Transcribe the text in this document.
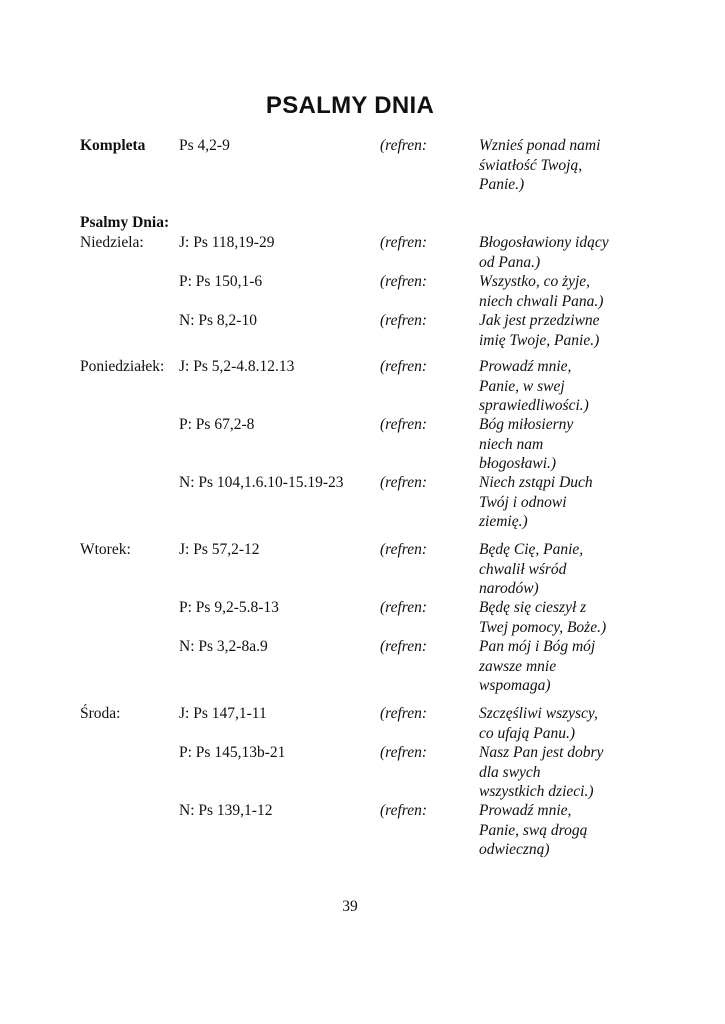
PSALMY DNIA
Kompleta Ps 4,2-9	(refren:	Wznieś ponad nami
światłość Twoją,
Panie.)
Psalmy Dnia:
Niedziela: J: Ps 118,19-29	(refren:	Błogosławiony idący
od Pana.)
P: Ps 150,1-6	(refren:	Wszystko, co żyje,
niech chwali Pana.)
N: Ps 8,2-10	(refren:	Jak jest przedziwne
imię Twoje, Panie.)
Poniedziałek: J: Ps 5,2-4.8.12.13	(refren:	Prowadź mnie,
Panie, w swej
sprawiedliwości.)
P: Ps 67,2-8	(refren:	Bóg miłosierny
niech nam
błogosławi.)
N: Ps 104,1.6.10-15.19-23 (refren:	Niech zstąpi Duch
Twój i odnowi
ziemię.)
Wtorek:	J: Ps 57,2-12	(refren:	Będę Cię, Panie,
chwalił wśród
narodów)
P: Ps 9,2-5.8-13	(refren:	Będę się cieszył z
Twej pomocy, Boże.)
N: Ps 3,2-8a.9	(refren:	Pan mój i Bóg mój
zawsze mnie
wspomaga)
Środa:	J: Ps 147,1-11	(refren:	Szczęśliwi wszyscy,
co ufają Panu.)
P: Ps 145,13b-21	(refren:	Nasz Pan jest dobry
dla swych
wszystkich dzieci.)
N: Ps 139,1-12	(refren:	Prowadź mnie,
Panie, swą drogą
odwieczną)
39
